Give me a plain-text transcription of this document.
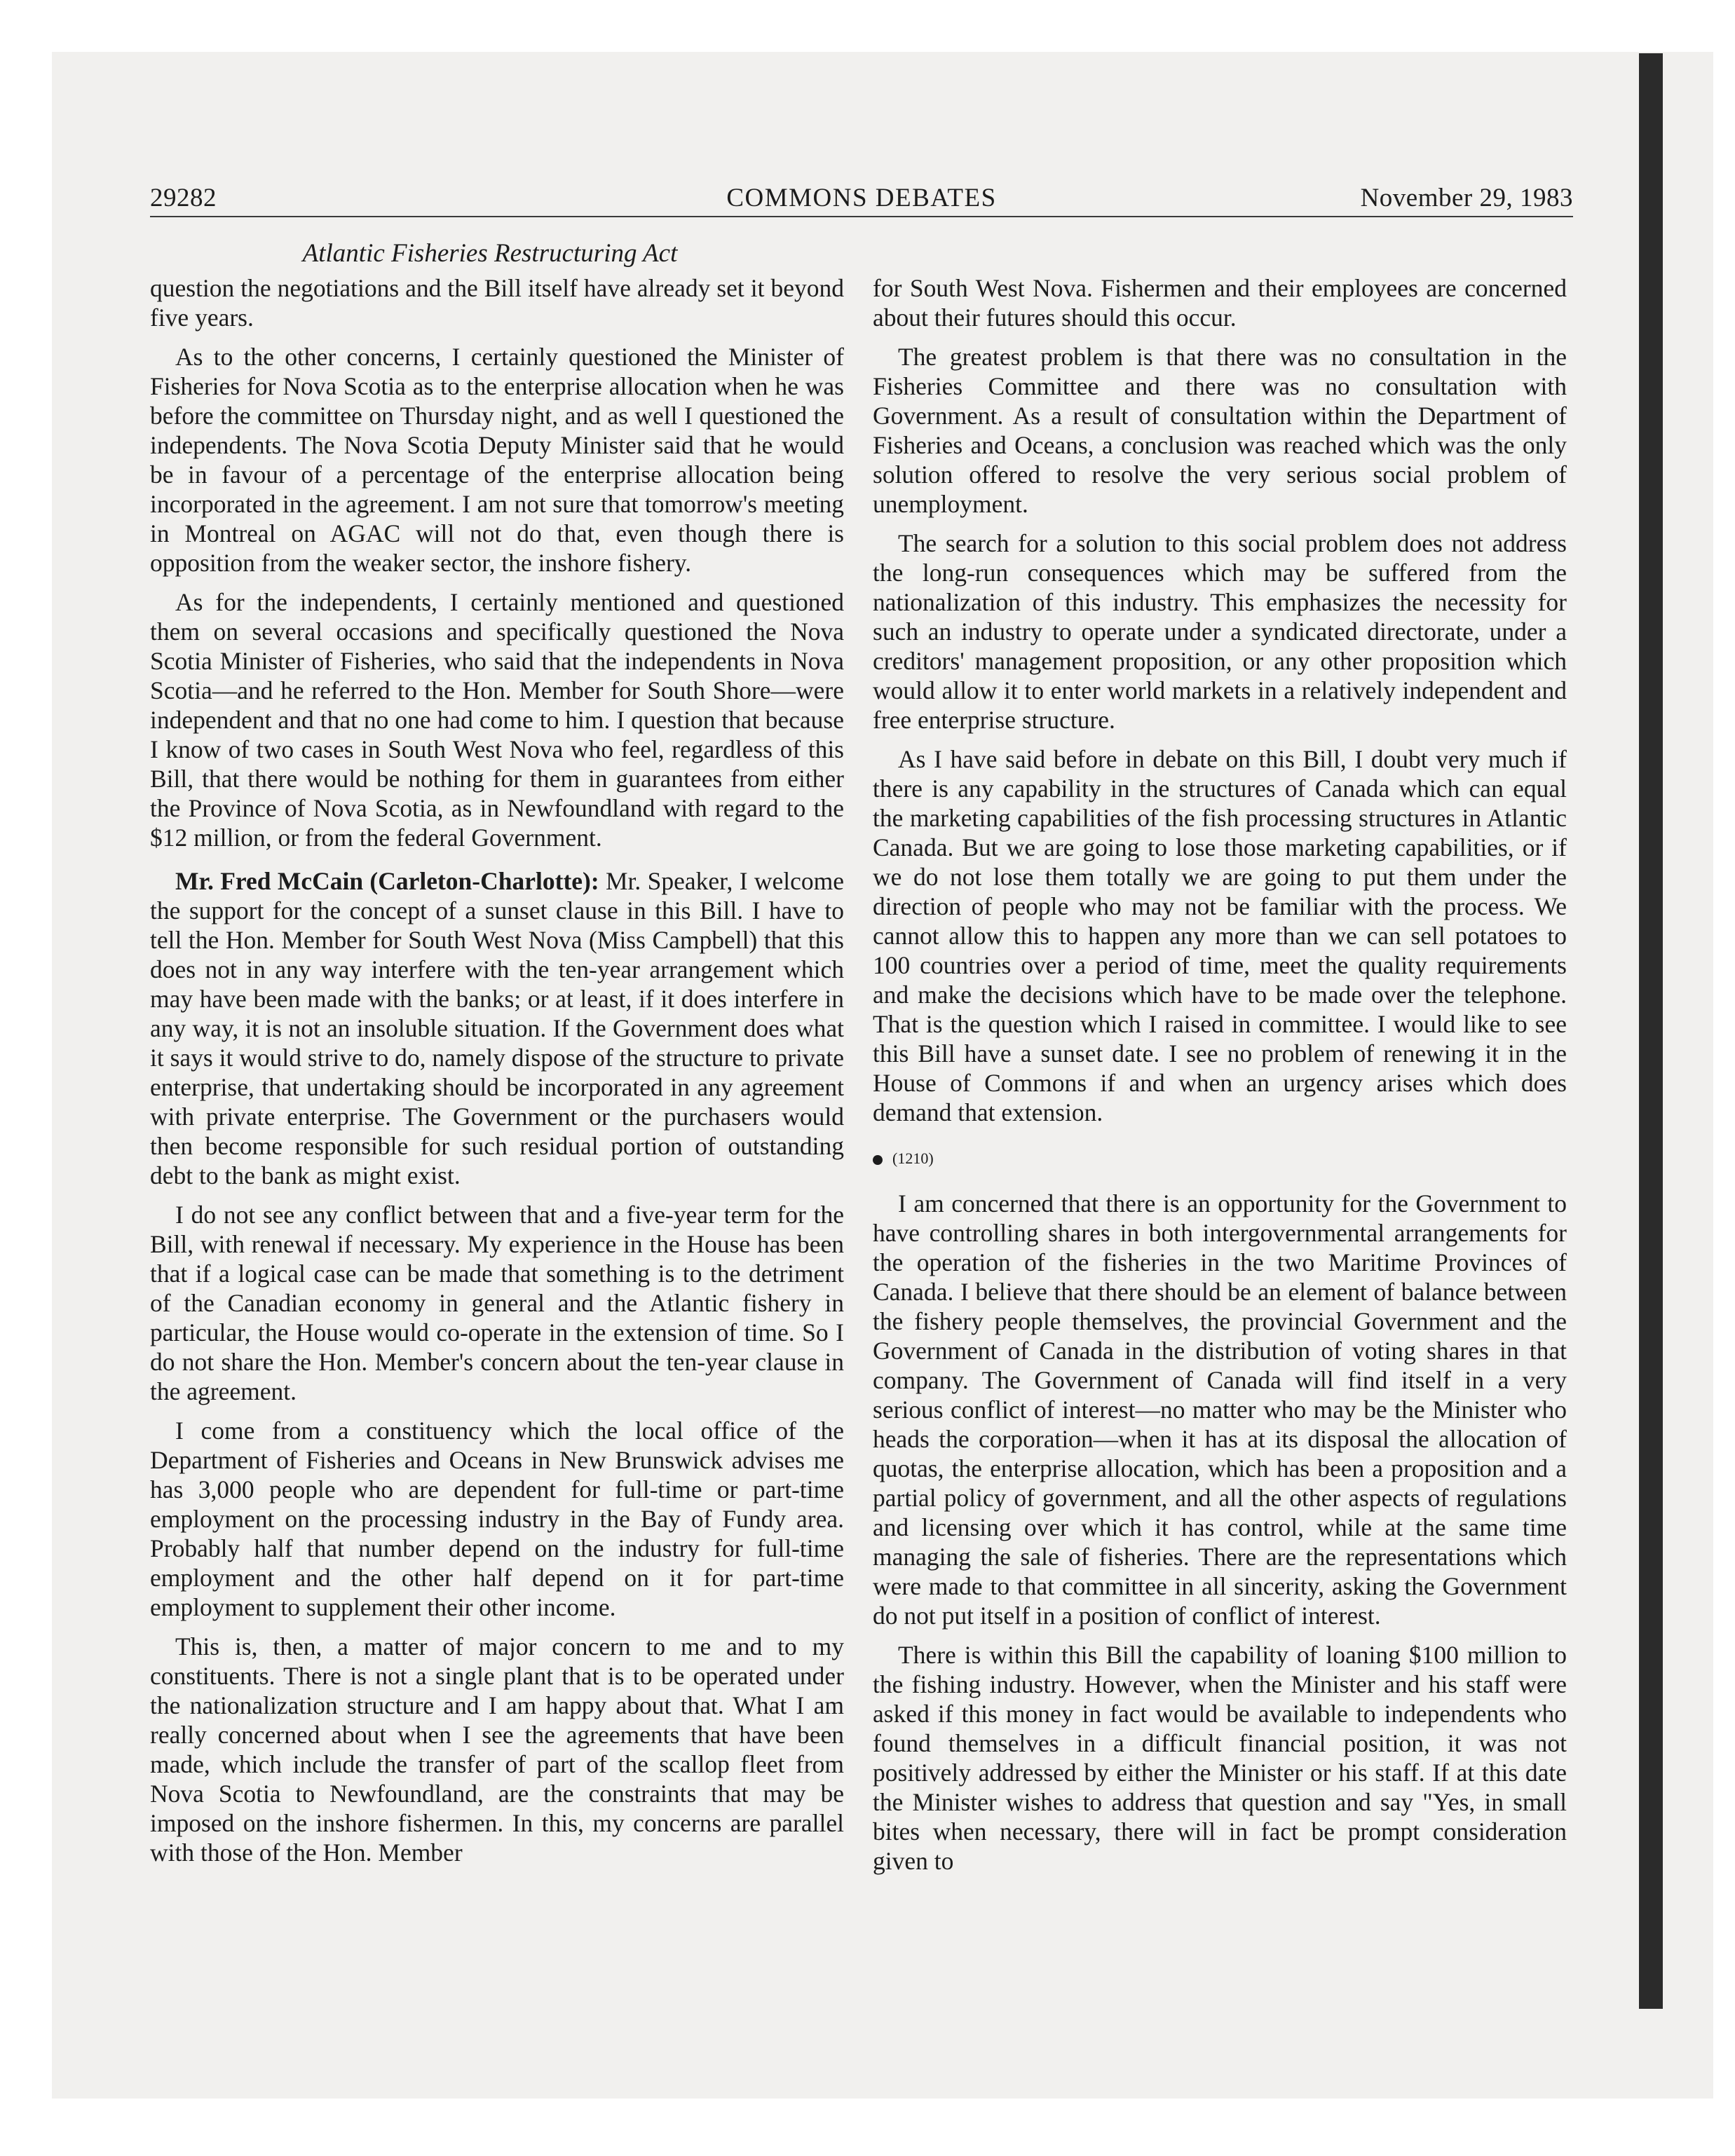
29282	COMMONS DEBATES	November 29, 1983
Atlantic Fisheries Restructuring Act

question the negotiations and the Bill itself have already set it beyond five years.

As to the other concerns, I certainly questioned the Minister of Fisheries for Nova Scotia as to the enterprise allocation when he was before the committee on Thursday night, and as well I questioned the independents. The Nova Scotia Deputy Minister said that he would be in favour of a percentage of the enterprise allocation being incorporated in the agreement. I am not sure that tomorrow's meeting in Montreal on AGAC will not do that, even though there is opposition from the weaker sector, the inshore fishery.

As for the independents, I certainly mentioned and questioned them on several occasions and specifically questioned the Nova Scotia Minister of Fisheries, who said that the independents in Nova Scotia—and he referred to the Hon. Member for South Shore—were independent and that no one had come to him. I question that because I know of two cases in South West Nova who feel, regardless of this Bill, that there would be nothing for them in guarantees from either the Province of Nova Scotia, as in Newfoundland with regard to the $12 million, or from the federal Government.

Mr. Fred McCain (Carleton-Charlotte): Mr. Speaker, I welcome the support for the concept of a sunset clause in this Bill. I have to tell the Hon. Member for South West Nova (Miss Campbell) that this does not in any way interfere with the ten-year arrangement which may have been made with the banks; or at least, if it does interfere in any way, it is not an insoluble situation. If the Government does what it says it would strive to do, namely dispose of the structure to private enterprise, that undertaking should be incorporated in any agreement with private enterprise. The Government or the purchasers would then become responsible for such residual portion of outstanding debt to the bank as might exist.

I do not see any conflict between that and a five-year term for the Bill, with renewal if necessary. My experience in the House has been that if a logical case can be made that something is to the detriment of the Canadian economy in general and the Atlantic fishery in particular, the House would co-operate in the extension of time. So I do not share the Hon. Member's concern about the ten-year clause in the agreement.

I come from a constituency which the local office of the Department of Fisheries and Oceans in New Brunswick advises me has 3,000 people who are dependent for full-time or part-time employment on the processing industry in the Bay of Fundy area. Probably half that number depend on the industry for full-time employment and the other half depend on it for part-time employment to supplement their other income.

This is, then, a matter of major concern to me and to my constituents. There is not a single plant that is to be operated under the nationalization structure and I am happy about that. What I am really concerned about when I see the agreements that have been made, which include the transfer of part of the scallop fleet from Nova Scotia to Newfoundland, are the constraints that may be imposed on the inshore fishermen. In this, my concerns are parallel with those of the Hon. Member

for South West Nova. Fishermen and their employees are concerned about their futures should this occur.

The greatest problem is that there was no consultation in the Fisheries Committee and there was no consultation with Government. As a result of consultation within the Department of Fisheries and Oceans, a conclusion was reached which was the only solution offered to resolve the very serious social problem of unemployment.

The search for a solution to this social problem does not address the long-run consequences which may be suffered from the nationalization of this industry. This emphasizes the necessity for such an industry to operate under a syndicated directorate, under a creditors' management proposition, or any other proposition which would allow it to enter world markets in a relatively independent and free enterprise structure.

As I have said before in debate on this Bill, I doubt very much if there is any capability in the structures of Canada which can equal the marketing capabilities of the fish processing structures in Atlantic Canada. But we are going to lose those marketing capabilities, or if we do not lose them totally we are going to put them under the direction of people who may not be familiar with the process. We cannot allow this to happen any more than we can sell potatoes to 100 countries over a period of time, meet the quality requirements and make the decisions which have to be made over the telephone. That is the question which I raised in committee. I would like to see this Bill have a sunset date. I see no problem of renewing it in the House of Commons if and when an urgency arises which does demand that extension.

(1210)

I am concerned that there is an opportunity for the Government to have controlling shares in both intergovernmental arrangements for the operation of the fisheries in the two Maritime Provinces of Canada. I believe that there should be an element of balance between the fishery people themselves, the provincial Government and the Government of Canada in the distribution of voting shares in that company. The Government of Canada will find itself in a very serious conflict of interest—no matter who may be the Minister who heads the corporation—when it has at its disposal the allocation of quotas, the enterprise allocation, which has been a proposition and a partial policy of government, and all the other aspects of regulations and licensing over which it has control, while at the same time managing the sale of fisheries. There are the representations which were made to that committee in all sincerity, asking the Government do not put itself in a position of conflict of interest.

There is within this Bill the capability of loaning $100 million to the fishing industry. However, when the Minister and his staff were asked if this money in fact would be available to independents who found themselves in a difficult financial position, it was not positively addressed by either the Minister or his staff. If at this date the Minister wishes to address that question and say "Yes, in small bites when necessary, there will in fact be prompt consideration given to
